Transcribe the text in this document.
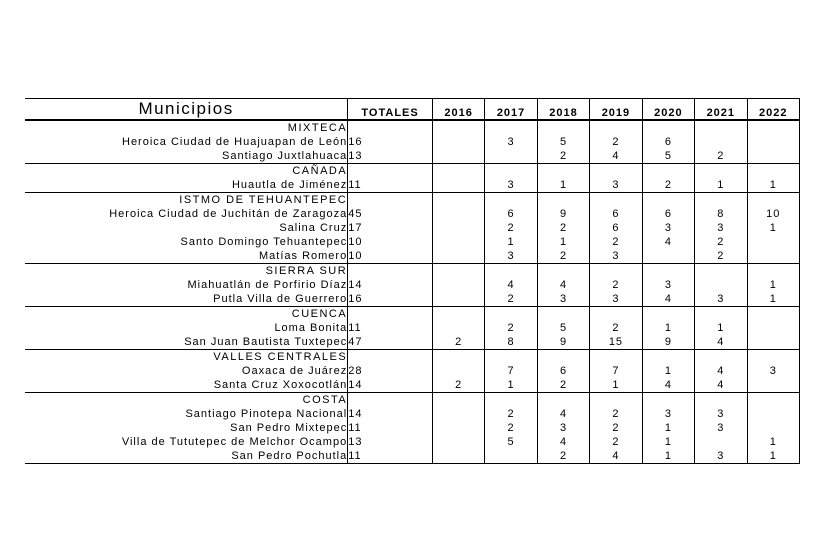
Municipios	TOTALES	2016	2017	2018	2019	2020	2021	2022
MIXTECA								
Heroica Ciudad de Huajuapan de León	16		3	5	2	6		
Santiago Juxtlahuaca	13			2	4	5	2	
CAÑADA								
Huautla de Jiménez	11		3	1	3	2	1	1
ISTMO DE TEHUANTEPEC								
Heroica Ciudad de Juchitán de Zaragoza	45		6	9	6	6	8	10
Salina Cruz	17		2	2	6	3	3	1
Santo Domingo Tehuantepec	10		1	1	2	4	2	
Matías Romero	10		3	2	3		2	
SIERRA SUR								
Miahuatlán de Porfirio Díaz	14		4	4	2	3		1
Putla Villa de Guerrero	16		2	3	3	4	3	1
CUENCA								
Loma Bonita	11		2	5	2	1	1	
San Juan Bautista Tuxtepec	47	2	8	9	15	9	4	
VALLES CENTRALES								
Oaxaca de Juárez	28		7	6	7	1	4	3
Santa Cruz Xoxocotlán	14	2	1	2	1	4	4	
COSTA								
Santiago Pinotepa Nacional	14		2	4	2	3	3	
San Pedro Mixtepec	11		2	3	2	1	3	
Villa de Tututepec de Melchor Ocampo	13		5	4	2	1		1
San Pedro Pochutla	11			2	4	1	3	1
